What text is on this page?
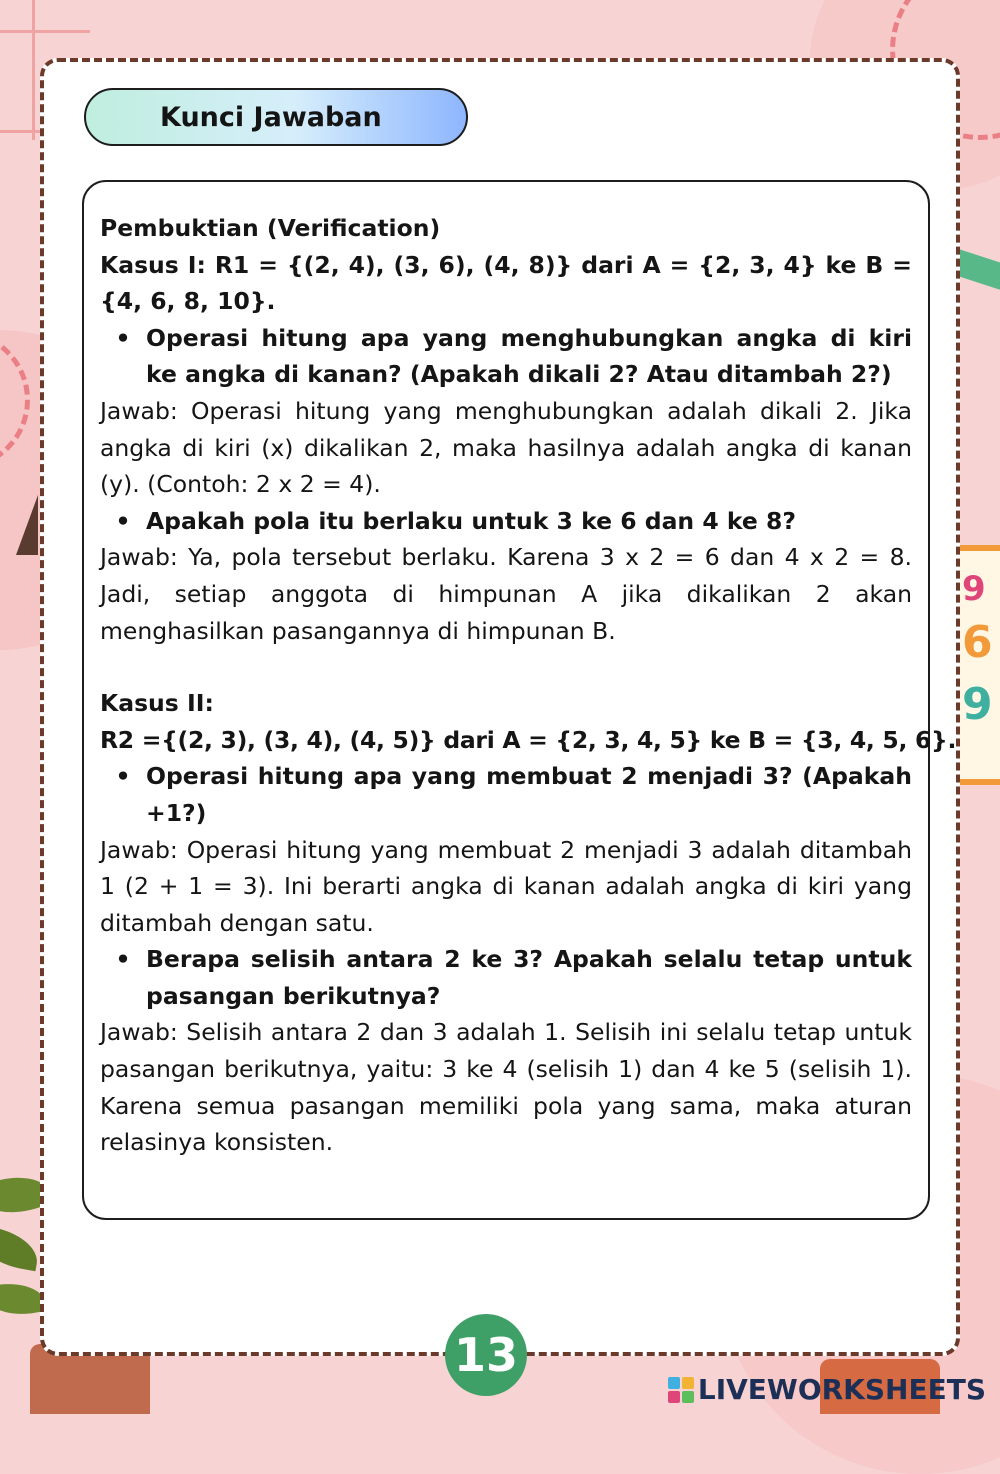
9
6
9
Kunci Jawaban

Pembuktian (Verification)

Kasus I: R1 = {(2, 4), (3, 6), (4, 8)} dari A = {2, 3, 4} ke B = {4, 6, 8, 10}.

• Operasi hitung apa yang menghubungkan angka di kiri ke angka di kanan? (Apakah dikali 2? Atau ditambah 2?)

Jawab: Operasi hitung yang menghubungkan adalah dikali 2. Jika angka di kiri (x) dikalikan 2, maka hasilnya adalah angka di kanan (y). (Contoh: 2 x 2 = 4).

• Apakah pola itu berlaku untuk 3 ke 6 dan 4 ke 8?

Jawab: Ya, pola tersebut berlaku. Karena 3 x 2 = 6 dan 4 x 2 = 8. Jadi, setiap anggota di himpunan A jika dikalikan 2 akan menghasilkan pasangannya di himpunan B.

Kasus II:

R2 ={(2, 3), (3, 4), (4, 5)} dari A = {2, 3, 4, 5} ke B = {3, 4, 5, 6}.

• Operasi hitung apa yang membuat 2 menjadi 3? (Apakah +1?)

Jawab: Operasi hitung yang membuat 2 menjadi 3 adalah ditambah 1 (2 + 1 = 3). Ini berarti angka di kanan adalah angka di kiri yang ditambah dengan satu.

• Berapa selisih antara 2 ke 3? Apakah selalu tetap untuk pasangan berikutnya?

Jawab: Selisih antara 2 dan 3 adalah 1. Selisih ini selalu tetap untuk pasangan berikutnya, yaitu: 3 ke 4 (selisih 1) dan 4 ke 5 (selisih 1). Karena semua pasangan memiliki pola yang sama, maka aturan relasinya konsisten.

13
LIVEWORKSHEETS
